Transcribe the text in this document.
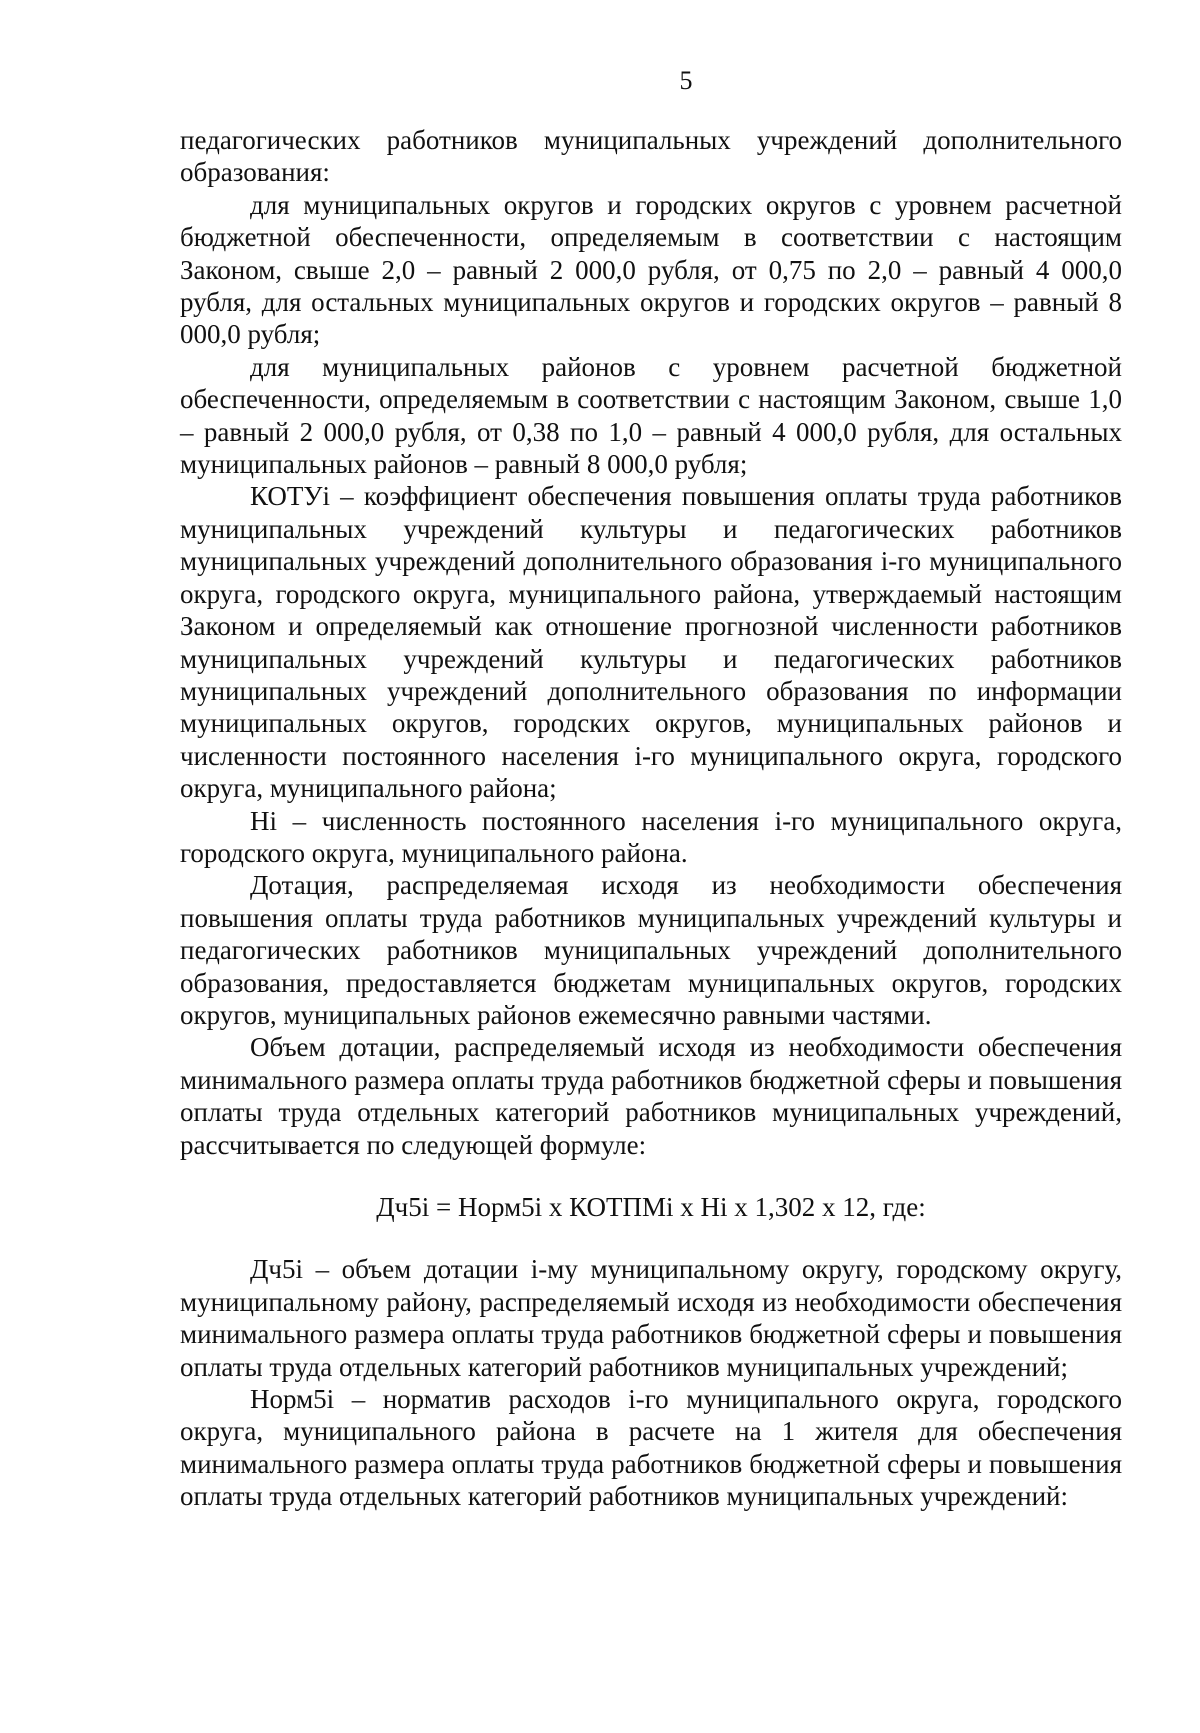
5

педагогических работников муниципальных учреждений дополнительного образования:

для муниципальных округов и городских округов с уровнем расчетной бюджетной обеспеченности, определяемым в соответствии с настоящим Законом, свыше 2,0 – равный 2 000,0 рубля, от 0,75 по 2,0 – равный 4 000,0 рубля, для остальных муниципальных округов и городских округов – равный 8 000,0 рубля;

для муниципальных районов с уровнем расчетной бюджетной обеспеченности, определяемым в соответствии с настоящим Законом, свыше 1,0 – равный 2 000,0 рубля, от 0,38 по 1,0 – равный 4 000,0 рубля, для остальных муниципальных районов – равный 8 000,0 рубля;

КОТУi – коэффициент обеспечения повышения оплаты труда работников муниципальных учреждений культуры и педагогических работников муниципальных учреждений дополнительного образования i-го муниципального округа, городского округа, муниципального района, утверждаемый настоящим Законом и определяемый как отношение прогнозной численности работников муниципальных учреждений культуры и педагогических работников муниципальных учреждений дополнительного образования по информации муниципальных округов, городских округов, муниципальных районов и численности постоянного населения i-го муниципального округа, городского округа, муниципального района;

Hi – численность постоянного населения i-го муниципального округа, городского округа, муниципального района.

Дотация, распределяемая исходя из необходимости обеспечения повышения оплаты труда работников муниципальных учреждений культуры и педагогических работников муниципальных учреждений дополнительного образования, предоставляется бюджетам муниципальных округов, городских округов, муниципальных районов ежемесячно равными частями.

Объем дотации, распределяемый исходя из необходимости обеспечения минимального размера оплаты труда работников бюджетной сферы и повышения оплаты труда отдельных категорий работников муниципальных учреждений, рассчитывается по следующей формуле:

Дч5i = Норм5i x КОТПМi x Hi x 1,302 x 12, где:

Дч5i – объем дотации i-му муниципальному округу, городскому округу, муниципальному району, распределяемый исходя из необходимости обеспечения минимального размера оплаты труда работников бюджетной сферы и повышения оплаты труда отдельных категорий работников муниципальных учреждений;

Норм5i – норматив расходов i-го муниципального округа, городского округа, муниципального района в расчете на 1 жителя для обеспечения минимального размера оплаты труда работников бюджетной сферы и повышения оплаты труда отдельных категорий работников муниципальных учреждений:
